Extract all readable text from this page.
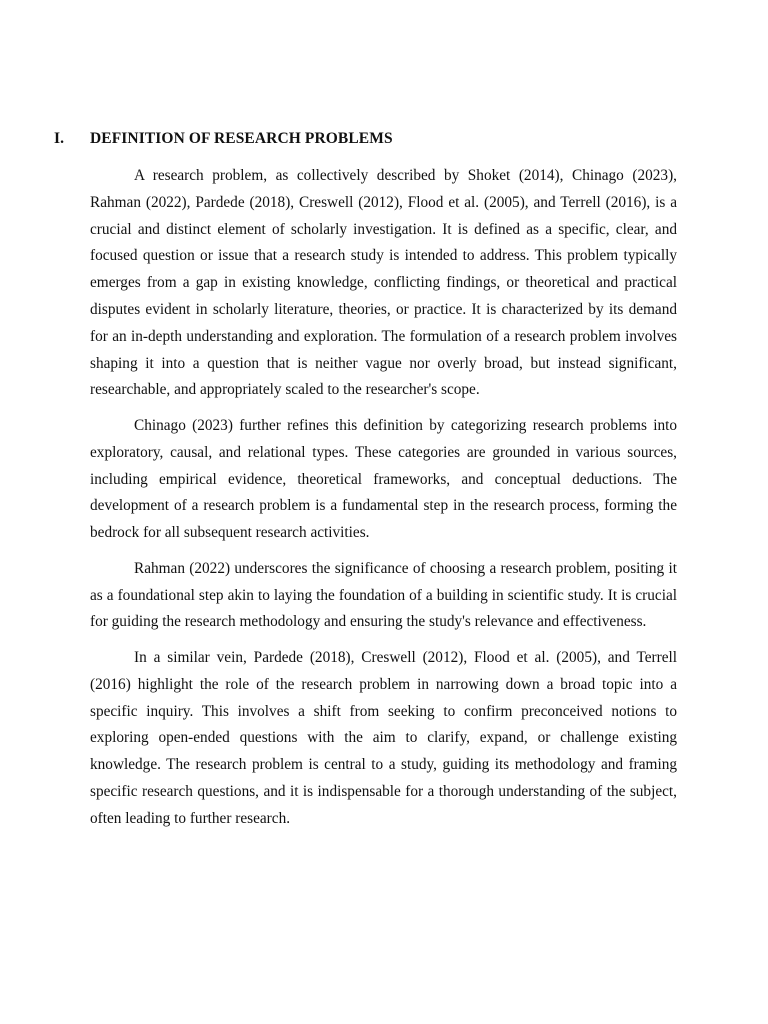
I. DEFINITION OF RESEARCH PROBLEMS

A research problem, as collectively described by Shoket (2014), Chinago (2023), Rahman (2022), Pardede (2018), Creswell (2012), Flood et al. (2005), and Terrell (2016), is a crucial and distinct element of scholarly investigation. It is defined as a specific, clear, and focused question or issue that a research study is intended to address. This problem typically emerges from a gap in existing knowledge, conflicting findings, or theoretical and practical disputes evident in scholarly literature, theories, or practice. It is characterized by its demand for an in-depth understanding and exploration. The formulation of a research problem involves shaping it into a question that is neither vague nor overly broad, but instead significant, researchable, and appropriately scaled to the researcher's scope.

Chinago (2023) further refines this definition by categorizing research problems into exploratory, causal, and relational types. These categories are grounded in various sources, including empirical evidence, theoretical frameworks, and conceptual deductions. The development of a research problem is a fundamental step in the research process, forming the bedrock for all subsequent research activities.

Rahman (2022) underscores the significance of choosing a research problem, positing it as a foundational step akin to laying the foundation of a building in scientific study. It is crucial for guiding the research methodology and ensuring the study's relevance and effectiveness.

In a similar vein, Pardede (2018), Creswell (2012), Flood et al. (2005), and Terrell (2016) highlight the role of the research problem in narrowing down a broad topic into a specific inquiry. This involves a shift from seeking to confirm preconceived notions to exploring open-ended questions with the aim to clarify, expand, or challenge existing knowledge. The research problem is central to a study, guiding its methodology and framing specific research questions, and it is indispensable for a thorough understanding of the subject, often leading to further research.
